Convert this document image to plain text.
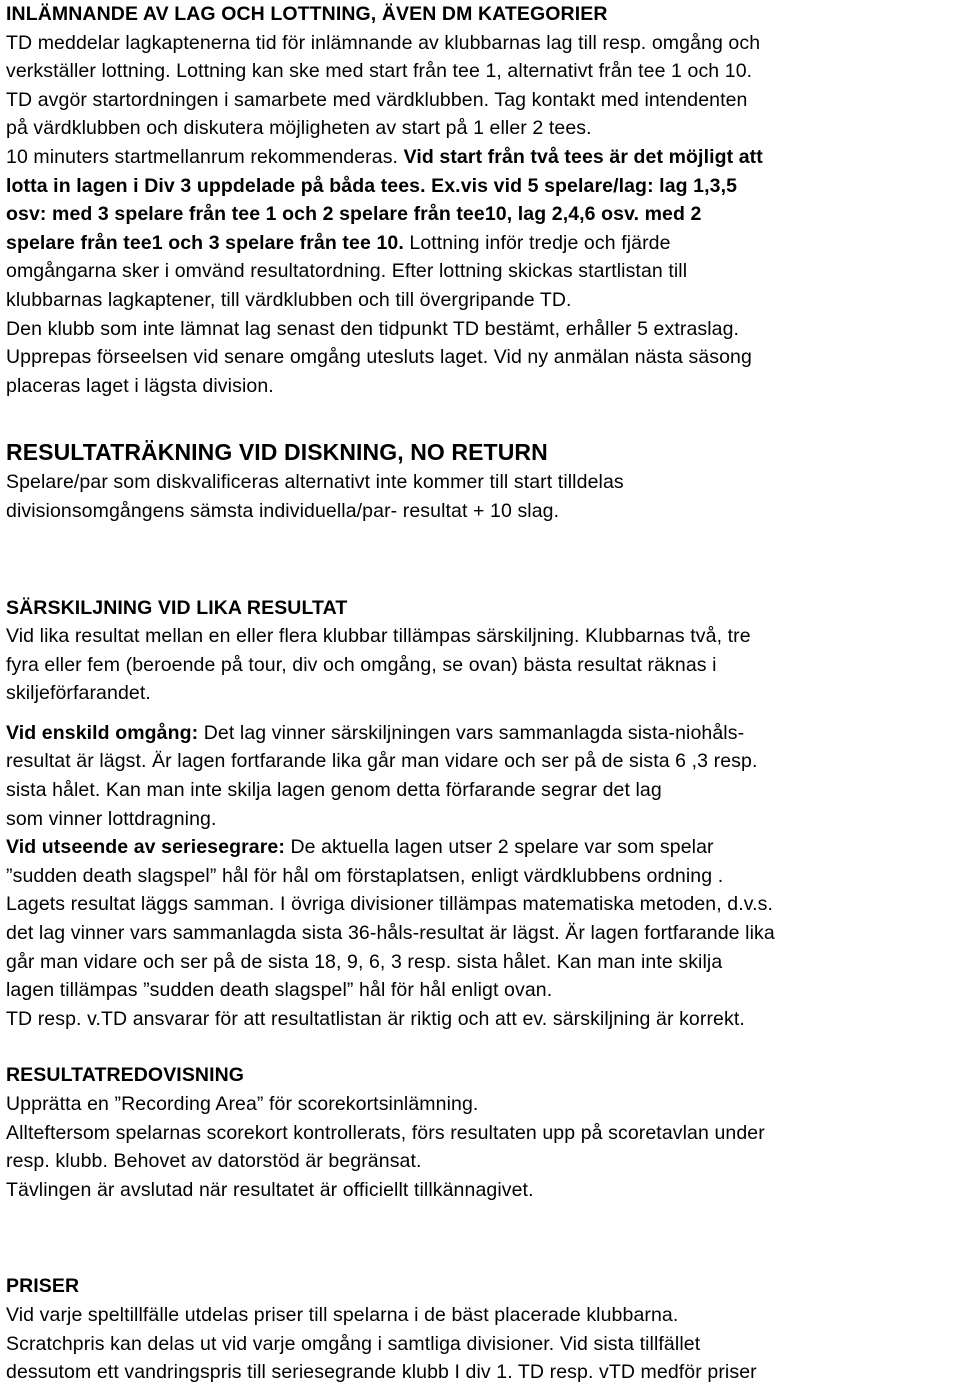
INLÄMNANDE AV LAG OCH LOTTNING, ÄVEN DM KATEGORIER

TD meddelar lagkaptenerna tid för inlämnande av klubbarnas lag till resp. omgång och

verkställer lottning. Lottning kan ske med start från tee 1, alternativt från tee 1 och 10.

TD avgör startordningen i samarbete med värdklubben. Tag kontakt med intendenten

på värdklubben och diskutera möjligheten av start på 1 eller 2 tees.

10 minuters startmellanrum rekommenderas. Vid start från två tees är det möjligt att

lotta in lagen i Div 3 uppdelade på båda tees. Ex.vis vid 5 spelare/lag: lag 1,3,5

osv: med 3 spelare från tee 1 och 2 spelare från tee10, lag 2,4,6 osv. med 2

spelare från tee1 och 3 spelare från tee 10. Lottning inför tredje och fjärde

omgångarna sker i omvänd resultatordning. Efter lottning skickas startlistan till

klubbarnas lagkaptener, till värdklubben och till övergripande TD.

Den klubb som inte lämnat lag senast den tidpunkt TD bestämt, erhåller 5 extraslag.

Upprepas förseelsen vid senare omgång utesluts laget. Vid ny anmälan nästa säsong

placeras laget i lägsta division.

RESULTATRÄKNING VID DISKNING, NO RETURN

Spelare/par som diskvalificeras alternativt inte kommer till start tilldelas

divisionsomgångens sämsta individuella/par- resultat + 10 slag.

SÄRSKILJNING VID LIKA RESULTAT

Vid lika resultat mellan en eller flera klubbar tillämpas särskiljning. Klubbarnas två, tre

fyra eller fem (beroende på tour, div och omgång, se ovan) bästa resultat räknas i

skiljeförfarandet.

Vid enskild omgång: Det lag vinner särskiljningen vars sammanlagda sista-niohåls-

resultat är lägst. Är lagen fortfarande lika går man vidare och ser på de sista 6 ,3 resp.

sista hålet. Kan man inte skilja lagen genom detta förfarande segrar det lag

som vinner lottdragning.

Vid utseende av seriesegrare: De aktuella lagen utser 2 spelare var som spelar

”sudden death slagspel” hål för hål om förstaplatsen, enligt värdklubbens ordning .

Lagets resultat läggs samman. I övriga divisioner tillämpas matematiska metoden, d.v.s.

det lag vinner vars sammanlagda sista 36-håls-resultat är lägst. Är lagen fortfarande lika

går man vidare och ser på de sista 18, 9, 6, 3 resp. sista hålet. Kan man inte skilja

lagen tillämpas ”sudden death slagspel” hål för hål enligt ovan.

TD resp. v.TD ansvarar för att resultatlistan är riktig och att ev. särskiljning är korrekt.

RESULTATREDOVISNING

Upprätta en ”Recording Area” för scorekortsinlämning.

Allteftersom spelarnas scorekort kontrollerats, förs resultaten upp på scoretavlan under

resp. klubb. Behovet av datorstöd är begränsat.

Tävlingen är avslutad när resultatet är officiellt tillkännagivet.

PRISER

Vid varje speltillfälle utdelas priser till spelarna i de bäst placerade klubbarna.

Scratchpris kan delas ut vid varje omgång i samtliga divisioner. Vid sista tillfället

dessutom ett vandringspris till seriesegrande klubb I div 1. TD resp. vTD medför priser
